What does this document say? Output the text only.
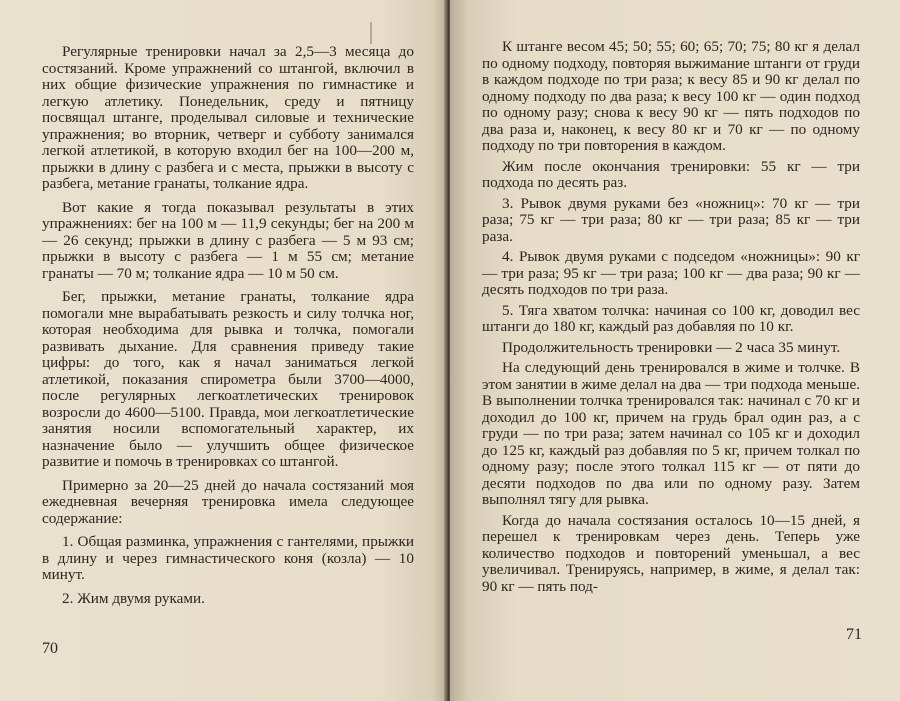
Регулярные тренировки начал за 2,5—3 месяца до состязаний. Кроме упражнений со штангой, включил в них общие физические упражнения по гимнастике и легкую атлетику. Понедельник, среду и пятницу посвящал штанге, проделывал силовые и технические упражнения; во вторник, четверг и субботу занимался легкой атлетикой, в которую входил бег на 100—200 м, прыжки в длину с разбега и с места, прыжки в высоту с разбега, метание гранаты, толкание ядра.

Вот какие я тогда показывал результаты в этих упражнениях: бег на 100 м — 11,9 секунды; бег на 200 м — 26 секунд; прыжки в длину с разбега — 5 м 93 см; прыжки в высоту с разбега — 1 м 55 см; метание гранаты — 70 м; толкание ядра — 10 м 50 см.

Бег, прыжки, метание гранаты, толкание ядра помогали мне вырабатывать резкость и силу толчка ног, которая необходима для рывка и толчка, помогали развивать дыхание. Для сравнения приведу такие цифры: до того, как я начал заниматься легкой атлетикой, показания спирометра были 3700—4000, после регулярных легкоатлетических тренировок возросли до 4600—5100. Правда, мои легкоатлетические занятия носили вспомогательный характер, их назначение было — улучшить общее физическое развитие и помочь в тренировках со штангой.

Примерно за 20—25 дней до начала состязаний моя ежедневная вечерняя тренировка имела следующее содержание:

1. Общая разминка, упражнения с гантелями, прыжки в длину и через гимнастического коня (козла) — 10 минут.

2. Жим двумя руками.

70

К штанге весом 45; 50; 55; 60; 65; 70; 75; 80 кг я делал по одному подходу, повторяя выжимание штанги от груди в каждом подходе по три раза; к весу 85 и 90 кг делал по одному подходу по два раза; к весу 100 кг — один подход по одному разу; снова к весу 90 кг — пять подходов по два раза и, наконец, к весу 80 кг и 70 кг — по одному подходу по три повторения в каждом.

Жим после окончания тренировки: 55 кг — три подхода по десять раз.

3. Рывок двумя руками без «ножниц»: 70 кг — три раза; 75 кг — три раза; 80 кг — три раза; 85 кг — три раза.

4. Рывок двумя руками с подседом «ножницы»: 90 кг — три раза; 95 кг — три раза; 100 кг — два раза; 90 кг — десять подходов по три раза.

5. Тяга хватом толчка: начиная со 100 кг, доводил вес штанги до 180 кг, каждый раз добавляя по 10 кг.

Продолжительность тренировки — 2 часа 35 минут.

На следующий день тренировался в жиме и толчке. В этом занятии в жиме делал на два — три подхода меньше. В выполнении толчка тренировался так: начинал с 70 кг и доходил до 100 кг, причем на грудь брал один раз, а с груди — по три раза; затем начинал со 105 кг и доходил до 125 кг, каждый раз добавляя по 5 кг, причем толкал по одному разу; после этого толкал 115 кг — от пяти до десяти подходов по два или по одному разу. Затем выполнял тягу для рывка.

Когда до начала состязания осталось 10—15 дней, я перешел к тренировкам через день. Теперь уже количество подходов и повторений уменьшал, а вес увеличивал. Тренируясь, например, в жиме, я делал так: 90 кг — пять под-

71
